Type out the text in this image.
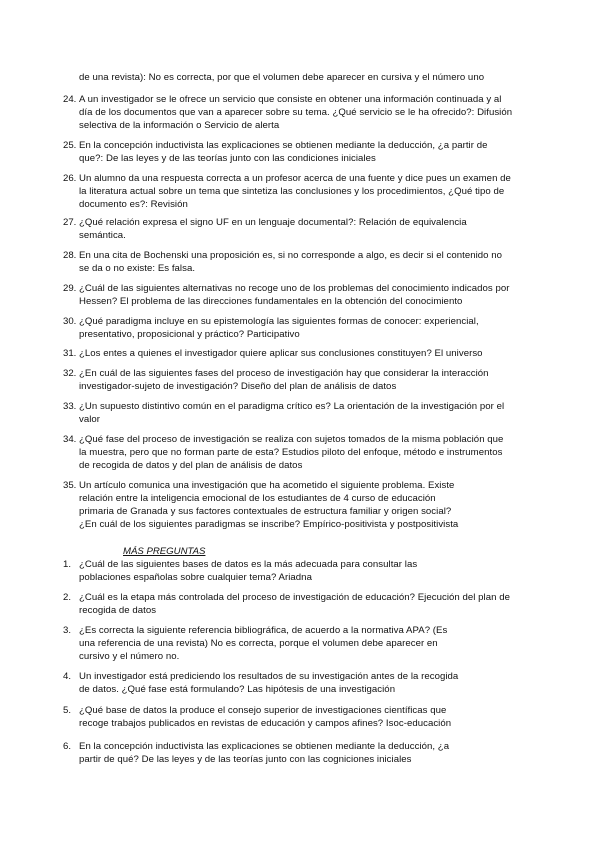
de una revista): No es correcta, por que el volumen debe aparecer en cursiva y el número uno
24. A un investigador se le ofrece un servicio que consiste en obtener una información continuada y al
día de los documentos que van a aparecer sobre su tema. ¿Qué servicio se le ha ofrecido?: Difusión
selectiva de la información o Servicio de alerta
25. En la concepción inductivista las explicaciones se obtienen mediante la deducción, ¿a partir de
que?: De las leyes y de las teorías junto con las condiciones iniciales
26. Un alumno da una respuesta correcta a un profesor acerca de una fuente y dice pues un examen de
la literatura actual sobre un tema que sintetiza las conclusiones y los procedimientos, ¿Qué tipo de
documento es?: Revisión
27. ¿Qué relación expresa el signo UF en un lenguaje documental?: Relación de equivalencia
semántica.
28. En una cita de Bochenski una proposición es, si no corresponde a algo, es decir si el contenido no
se da o no existe: Es falsa.
29. ¿Cuál de las siguientes alternativas no recoge uno de los problemas del conocimiento indicados por
Hessen? El problema de las direcciones fundamentales en la obtención del conocimiento
30. ¿Qué paradigma incluye en su epistemología las siguientes formas de conocer: experiencial,
presentativo, proposicional y práctico? Participativo
31. ¿Los entes a quienes el investigador quiere aplicar sus conclusiones constituyen? El universo
32. ¿En cuál de las siguientes fases del proceso de investigación hay que considerar la interacción
investigador-sujeto de investigación? Diseño del plan de análisis de datos
33. ¿Un supuesto distintivo común en el paradigma crítico es? La orientación de la investigación por el
valor
34. ¿Qué fase del proceso de investigación se realiza con sujetos tomados de la misma población que
la muestra, pero que no forman parte de esta? Estudios piloto del enfoque, método e instrumentos
de recogida de datos y del plan de análisis de datos
35. Un artículo comunica una investigación que ha acometido el siguiente problema. Existe
relación entre la inteligencia emocional de los estudiantes de 4 curso de educación
primaria de Granada y sus factores contextuales de estructura familiar y origen social?
¿En cuál de los siguientes paradigmas se inscribe? Empírico-positivista y postpositivista
1. ¿Cuál de las siguientes bases de datos es la más adecuada para consultar las
poblaciones españolas sobre cualquier tema? Ariadna
2. ¿Cuál es la etapa más controlada del proceso de investigación de educación? Ejecución del plan de
recogida de datos
3. ¿Es correcta la siguiente referencia bibliográfica, de acuerdo a la normativa APA? (Es
una referencia de una revista) No es correcta, porque el volumen debe aparecer en
cursivo y el número no.
4. Un investigador está prediciendo los resultados de su investigación antes de la recogida
de datos. ¿Qué fase está formulando? Las hipótesis de una investigación
5. ¿Qué base de datos la produce el consejo superior de investigaciones científicas que
recoge trabajos publicados en revistas de educación y campos afines? Isoc-educación
6. En la concepción inductivista las explicaciones se obtienen mediante la deducción, ¿a
partir de qué? De las leyes y de las teorías junto con las cogniciones iniciales
MÁS PREGUNTAS
